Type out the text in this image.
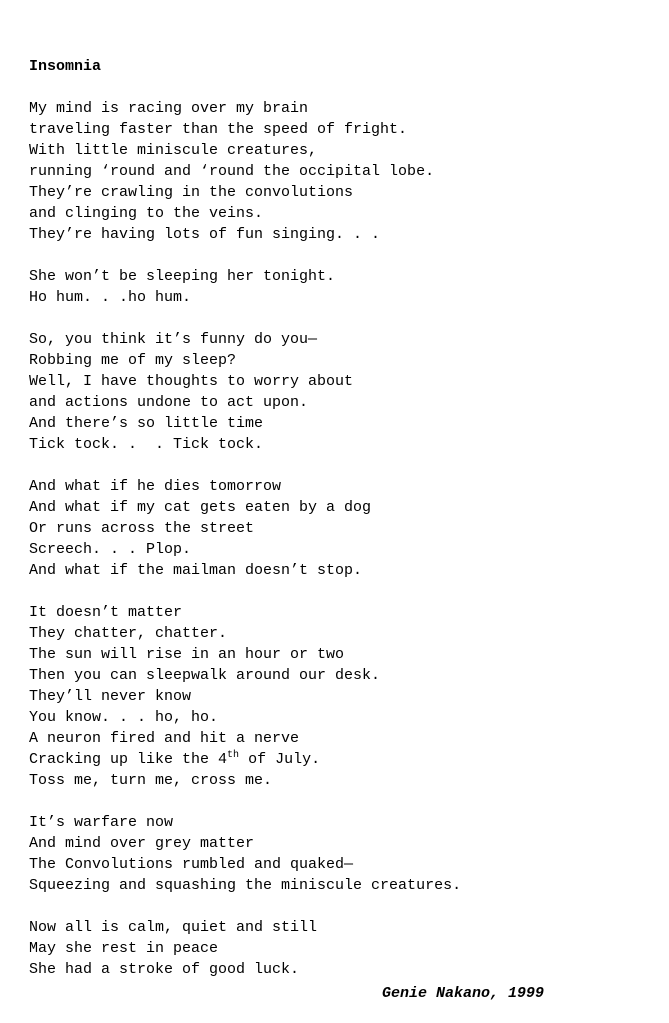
Insomnia
My mind is racing over my brain
traveling faster than the speed of fright.
With little miniscule creatures,
running ‘round and ‘round the occipital lobe.
They’re crawling in the convolutions
and clinging to the veins.
They’re having lots of fun singing. . .
She won’t be sleeping her tonight.
Ho hum. . .ho hum.
So, you think it’s funny do you—
Robbing me of my sleep?
Well, I have thoughts to worry about
and actions undone to act upon.
And there’s so little time
Tick tock. .  . Tick tock.
And what if he dies tomorrow
And what if my cat gets eaten by a dog
Or runs across the street
Screech. . . Plop.
And what if the mailman doesn’t stop.
It doesn’t matter
They chatter, chatter.
The sun will rise in an hour or two
Then you can sleepwalk around our desk.
They’ll never know
You know. . . ho, ho.
A neuron fired and hit a nerve
Cracking up like the 4th of July.
Toss me, turn me, cross me.
It’s warfare now
And mind over grey matter
The Convolutions rumbled and quaked—
Squeezing and squashing the miniscule creatures.
Now all is calm, quiet and still
May she rest in peace
She had a stroke of good luck.
Genie Nakano, 1999
